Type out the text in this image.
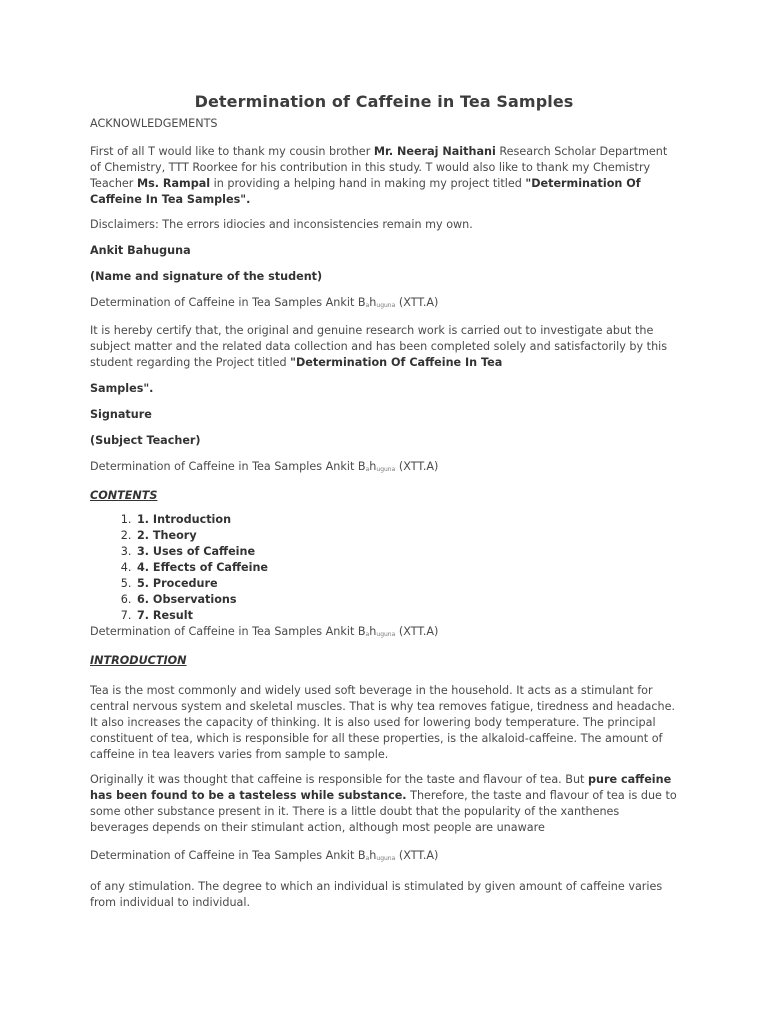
Determination of Caffeine in Tea Samples

ACKNOWLEDGEMENTS

First of all T would like to thank my cousin brother Mr. Neeraj Naithani Research Scholar Department of Chemistry, TTT Roorkee for his contribution in this study. T would also like to thank my Chemistry Teacher Ms. Rampal in providing a helping hand in making my project titled "Determination Of Caffeine In Tea Samples".

Disclaimers: The errors idiocies and inconsistencies remain my own.

Ankit Bahuguna

(Name and signature of the student)

Determination of Caffeine in Tea Samples Ankit Bahuguna (XTT.A)

It is hereby certify that, the original and genuine research work is carried out to investigate abut the subject matter and the related data collection and has been completed solely and satisfactorily by this student regarding the Project titled "Determination Of Caffeine In Tea

Samples".

Signature

(Subject Teacher)

Determination of Caffeine in Tea Samples Ankit Bahuguna (XTT.A)

CONTENTS

1. 1. Introduction
2. 2. Theory
3. 3. Uses of Caffeine
4. 4. Effects of Caffeine
5. 5. Procedure
6. 6. Observations
7. 7. Result

Determination of Caffeine in Tea Samples Ankit Bahuguna (XTT.A)

INTRODUCTION

Tea is the most commonly and widely used soft beverage in the household. It acts as a stimulant for central nervous system and skeletal muscles. That is why tea removes fatigue, tiredness and headache. It also increases the capacity of thinking. It is also used for lowering body temperature. The principal constituent of tea, which is responsible for all these properties, is the alkaloid-caffeine. The amount of caffeine in tea leavers varies from sample to sample.

Originally it was thought that caffeine is responsible for the taste and flavour of tea. But pure caffeine has been found to be a tasteless while substance. Therefore, the taste and flavour of tea is due to some other substance present in it. There is a little doubt that the popularity of the xanthenes beverages depends on their stimulant action, although most people are unaware

Determination of Caffeine in Tea Samples Ankit Bahuguna (XTT.A)

of any stimulation. The degree to which an individual is stimulated by given amount of caffeine varies from individual to individual.
